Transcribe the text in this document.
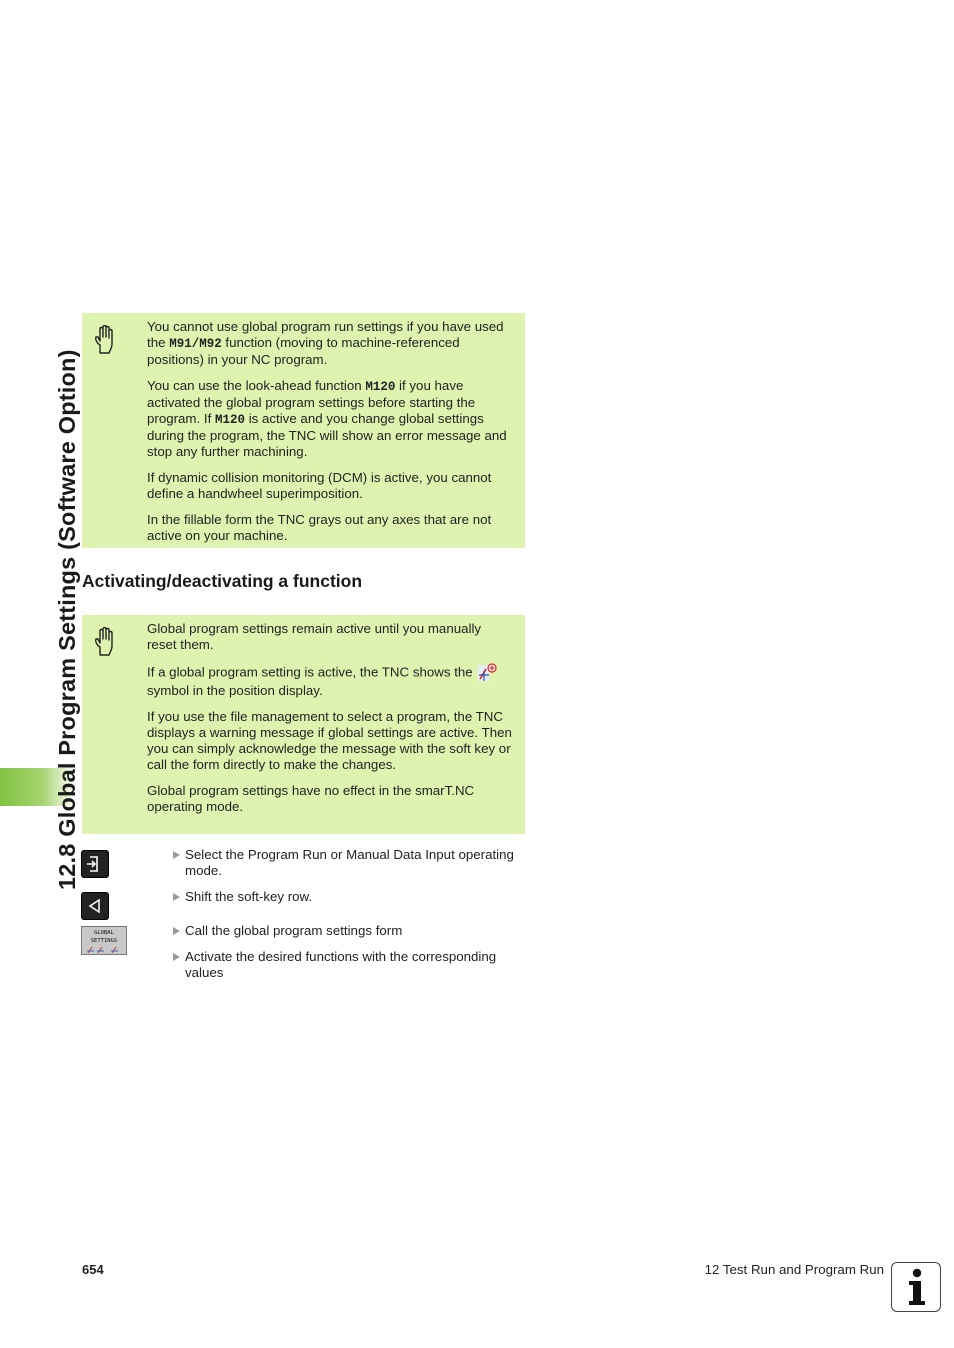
12.8 Global Program Settings (Software Option)

You cannot use global program run settings if you have used the M91/M92 function (moving to machine-referenced positions) in your NC program.

You can use the look-ahead function M120 if you have activated the global program settings before starting the program. If M120 is active and you change global settings during the program, the TNC will show an error message and stop any further machining.

If dynamic collision monitoring (DCM) is active, you cannot define a handwheel superimposition.

In the fillable form the TNC grays out any axes that are not active on your machine.

Activating/deactivating a function

Global program settings remain active until you manually reset them.

If a global program setting is active, the TNC shows thesymbol in the position display.

If you use the file management to select a program, the TNC displays a warning message if global settings are active. Then you can simply acknowledge the message with the soft key or call the form directly to make the changes.

Global program settings have no effect in the smarT.NC operating mode.

GLOBAL
SETTINGS
Select the Program Run or Manual Data Input operating mode.
Shift the soft-key row.
Call the global program settings form
Activate the desired functions with the corresponding values
654	12 Test Run and Program Run
